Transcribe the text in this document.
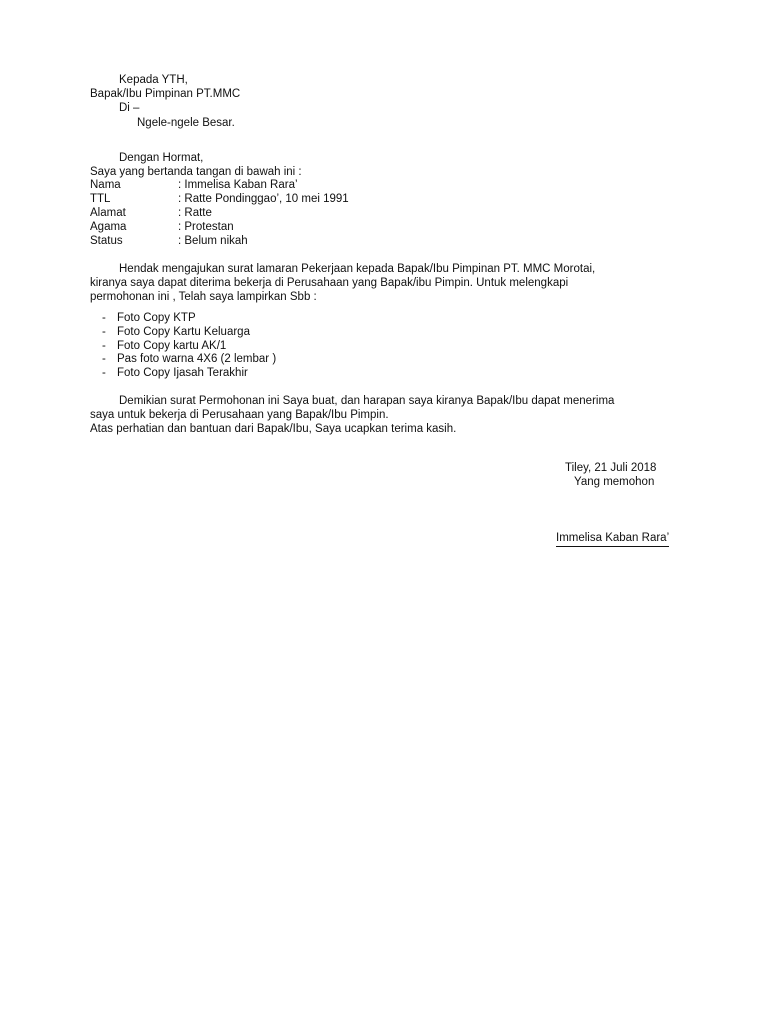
Kepada YTH,
Bapak/Ibu Pimpinan PT.MMC
Di –
Ngele-ngele Besar.
Dengan Hormat,
Saya yang bertanda tangan di bawah ini :
Nama	: Immelisa Kaban Rara’
TTL	: Ratte Pondinggao’, 10 mei 1991
Alamat	: Ratte
Agama	: Protestan
Status	: Belum nikah
Hendak mengajukan surat lamaran Pekerjaan kepada Bapak/Ibu Pimpinan PT. MMC Morotai,
kiranya saya dapat diterima bekerja di Perusahaan yang Bapak/ibu Pimpin. Untuk melengkapi
permohonan ini , Telah saya lampirkan Sbb :
- Foto Copy KTP
- Foto Copy Kartu Keluarga
- Foto Copy kartu AK/1
- Pas foto warna 4X6 (2 lembar )
- Foto Copy Ijasah Terakhir
Demikian surat Permohonan ini Saya buat, dan harapan saya kiranya Bapak/Ibu dapat menerima
saya untuk bekerja di Perusahaan yang Bapak/Ibu Pimpin.
Atas perhatian dan bantuan dari Bapak/Ibu, Saya ucapkan terima kasih.
Tiley, 21 Juli 2018
Yang memohon
Immelisa Kaban Rara’
